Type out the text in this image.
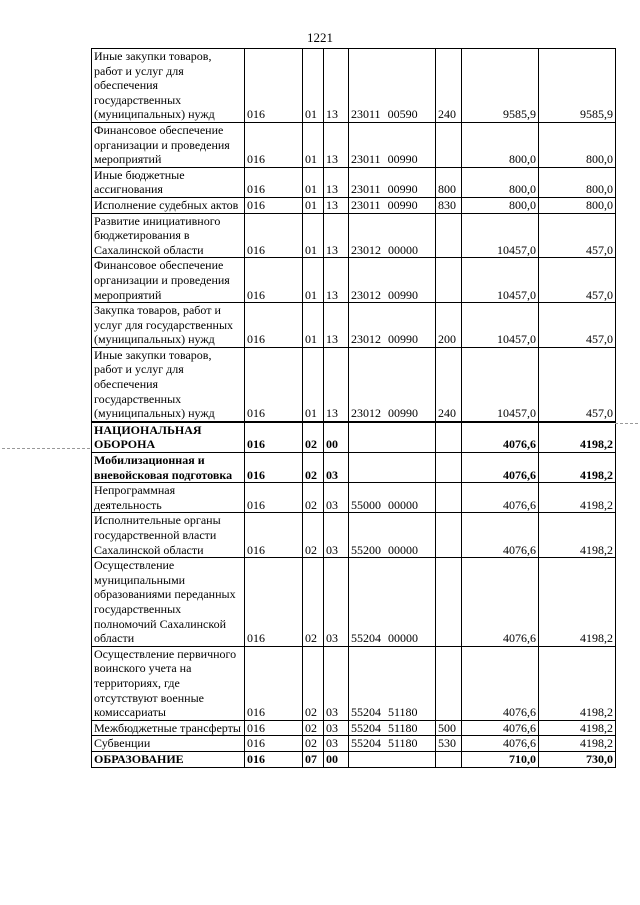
1221
Иные закупки товаров, работ и услуг для обеспечения государственных (муниципальных) нужд	016	01	13	23011 00590	240	9585,9	9585,9
Финансовое обеспечение организации и проведения мероприятий	016	01	13	23011 00990		800,0	800,0
Иные бюджетные ассигнования	016	01	13	23011 00990	800	800,0	800,0
Исполнение судебных актов	016	01	13	23011 00990	830	800,0	800,0
Развитие инициативного бюджетирования в Сахалинской области	016	01	13	23012 00000		10457,0	457,0
Финансовое обеспечение организации и проведения мероприятий	016	01	13	23012 00990		10457,0	457,0
Закупка товаров, работ и услуг для государственных (муниципальных) нужд	016	01	13	23012 00990	200	10457,0	457,0
Иные закупки товаров, работ и услуг для обеспечения государственных (муниципальных) нужд	016	01	13	23012 00990	240	10457,0	457,0
НАЦИОНАЛЬНАЯ ОБОРОНА	016	02	00			4076,6	4198,2
Мобилизационная и вневойсковая подготовка	016	02	03			4076,6	4198,2
Непрограммная деятельность	016	02	03	55000 00000		4076,6	4198,2
Исполнительные органы государственной власти Сахалинской области	016	02	03	55200 00000		4076,6	4198,2
Осуществление муниципальными образованиями переданных государственных полномочий Сахалинской области	016	02	03	55204 00000		4076,6	4198,2
Осуществление первичного воинского учета на территориях, где отсутствуют военные комиссариаты	016	02	03	55204 51180		4076,6	4198,2
Межбюджетные трансферты	016	02	03	55204 51180	500	4076,6	4198,2
Субвенции	016	02	03	55204 51180	530	4076,6	4198,2
ОБРАЗОВАНИЕ	016	07	00			710,0	730,0
